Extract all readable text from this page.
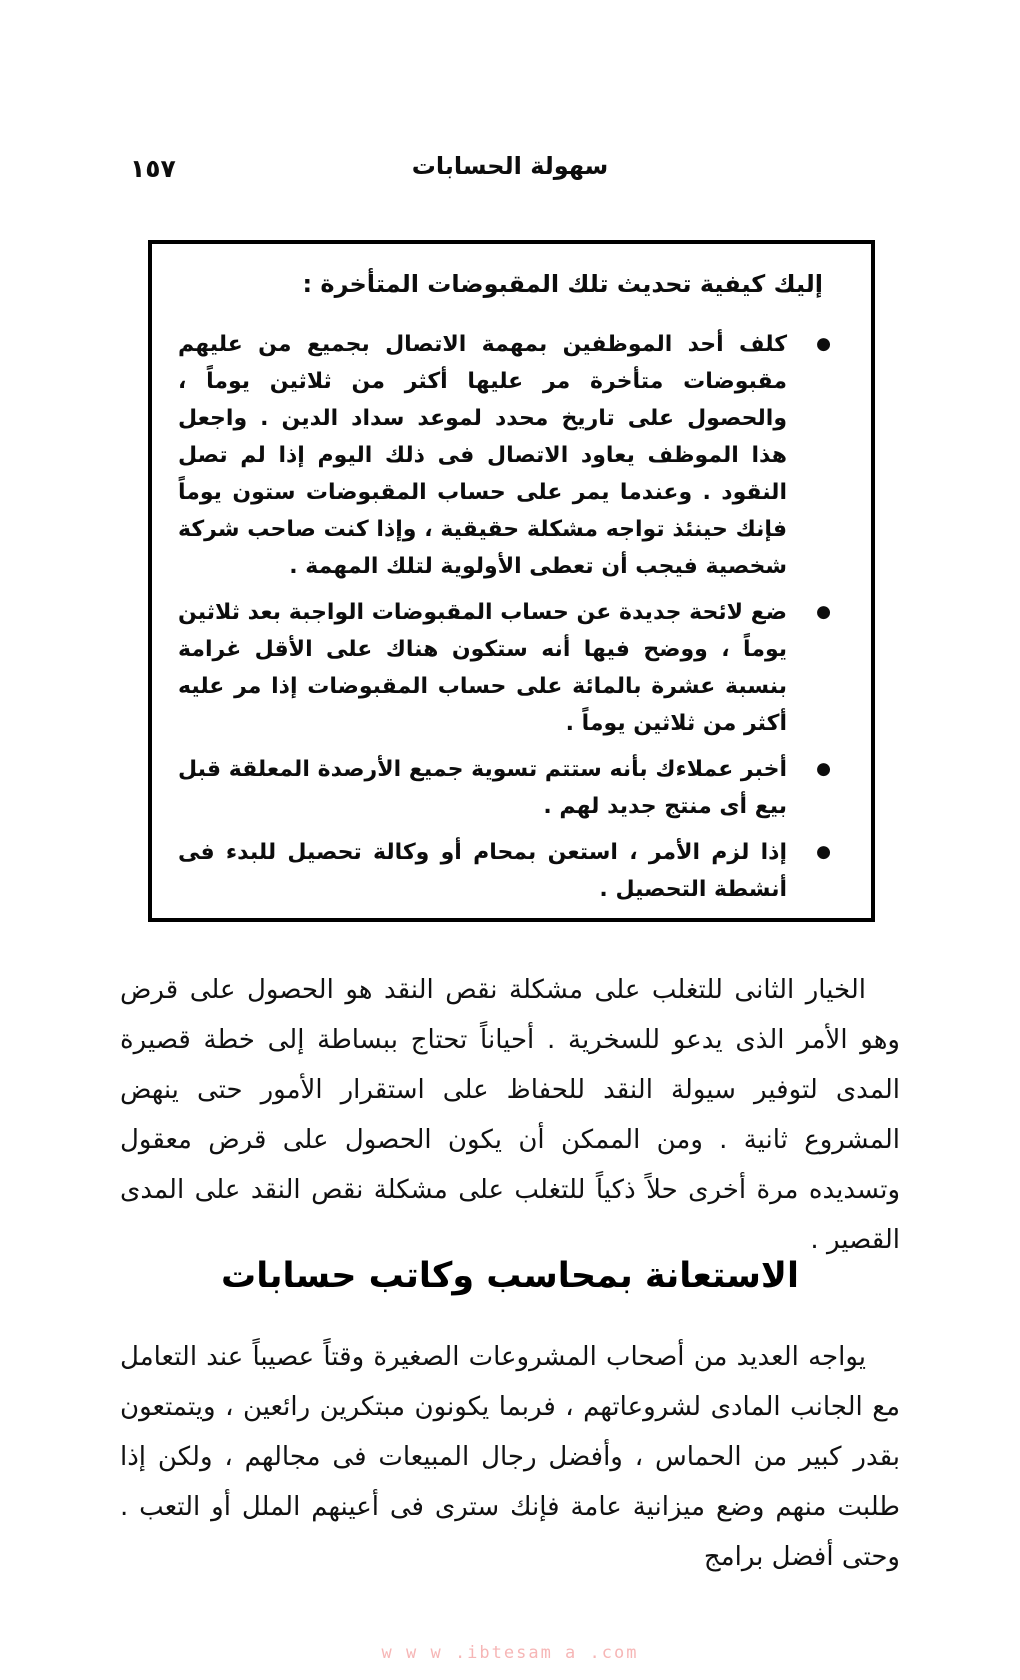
سهولة الحسابات
١٥٧

إليك كيفية تحديث تلك المقبوضات المتأخرة :

●
كلف أحد الموظفين بمهمة الاتصال بجميع من عليهم مقبوضات متأخرة مر عليها أكثر من ثلاثين يوماً ، والحصول على تاريخ محدد لموعد سداد الدين . واجعل هذا الموظف يعاود الاتصال فى ذلك اليوم إذا لم تصل النقود . وعندما يمر على حساب المقبوضات ستون يوماً فإنك حينئذ تواجه مشكلة حقيقية ، وإذا كنت صاحب شركة شخصية فيجب أن تعطى الأولوية لتلك المهمة .
●
ضع لائحة جديدة عن حساب المقبوضات الواجبة بعد ثلاثين يوماً ، ووضح فيها أنه ستكون هناك على الأقل غرامة بنسبة عشرة بالمائة على حساب المقبوضات إذا مر عليه أكثر من ثلاثين يوماً .
●
أخبر عملاءك بأنه ستتم تسوية جميع الأرصدة المعلقة قبل بيع أى منتج جديد لهم .
●
إذا لزم الأمر ، استعن بمحام أو وكالة تحصيل للبدء فى أنشطة التحصيل .

الخيار الثانى للتغلب على مشكلة نقص النقد هو الحصول على قرض وهو الأمر الذى يدعو للسخرية . أحياناً تحتاج ببساطة إلى خطة قصيرة المدى لتوفير سيولة النقد للحفاظ على استقرار الأمور حتى ينهض المشروع ثانية . ومن الممكن أن يكون الحصول على قرض معقول وتسديده مرة أخرى حلاً ذكياً للتغلب على مشكلة نقص النقد على المدى القصير .

الاستعانة بمحاسب وكاتب حسابات

يواجه العديد من أصحاب المشروعات الصغيرة وقتاً عصيباً عند التعامل مع الجانب المادى لشروعاتهم ، فربما يكونون مبتكرين رائعين ، ويتمتعون بقدر كبير من الحماس ، وأفضل رجال المبيعات فى مجالهم ، ولكن إذا طلبت منهم وضع ميزانية عامة فإنك سترى فى أعينهم الملل أو التعب . وحتى أفضل برامج

w w w .ibtesam a .com
